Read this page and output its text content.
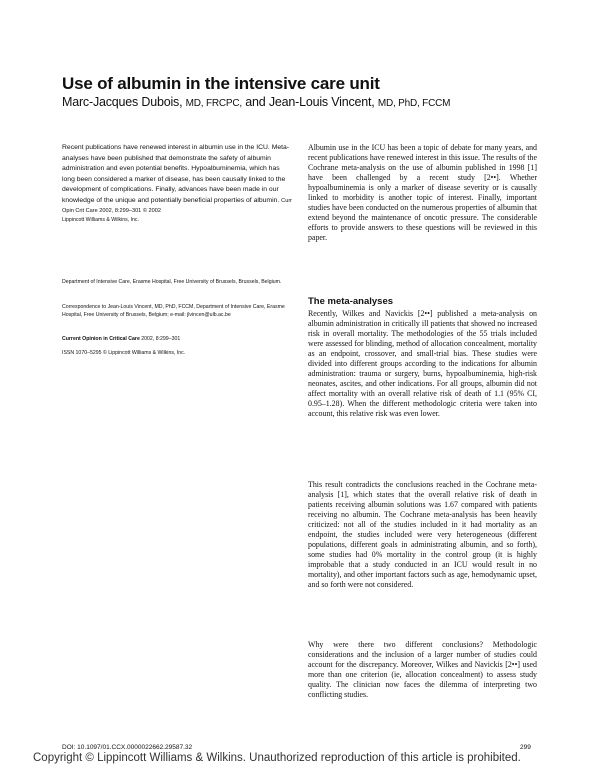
Use of albumin in the intensive care unit
Marc-Jacques Dubois, MD, FRCPC, and Jean-Louis Vincent, MD, PhD, FCCM
Recent publications have renewed interest in albumin use in the ICU. Meta-analyses have been published that demonstrate the safety of albumin administration and even potential benefits. Hypoalbuminemia, which has long been considered a marker of disease, has been causally linked to the development of complications. Finally, advances have been made in our knowledge of the unique and potentially beneficial properties of albumin. Curr Opin Crit Care 2002, 8:299–301 © 2002
Lippincott Williams & Wilkins, Inc.
Department of Intensive Care, Erasme Hospital, Free University of Brussels, Brussels, Belgium.
Correspondence to Jean-Louis Vincent, MD, PhD, FCCM, Department of Intensive Care, Erasme Hospital, Free University of Brussels, Belgium; e-mail: jlvincen@ulb.ac.be
Current Opinion in Critical Care 2002, 8:299–301
ISSN 1070–5295 © Lippincott Williams & Wilkins, Inc.

Albumin use in the ICU has been a topic of debate for many years, and recent publications have renewed interest in this issue. The results of the Cochrane meta-analysis on the use of albumin published in 1998 [1] have been challenged by a recent study [2••]. Whether hypoalbuminemia is only a marker of disease severity or is causally linked to morbidity is another topic of interest. Finally, important studies have been conducted on the numerous properties of albumin that extend beyond the maintenance of oncotic pressure. The considerable efforts to provide answers to these questions will be reviewed in this paper.

The meta-analyses

Recently, Wilkes and Navickis [2••] published a meta-analysis on albumin administration in critically ill patients that showed no increased risk in overall mortality. The methodologies of the 55 trials included were assessed for blinding, method of allocation concealment, mortality as an endpoint, crossover, and small-trial bias. These studies were divided into different groups according to the indications for albumin administration: trauma or surgery, burns, hypoalbuminemia, high-risk neonates, ascites, and other indications. For all groups, albumin did not affect mortality with an overall relative risk of death of 1.1 (95% CI, 0.95–1.28). When the different methodologic criteria were taken into account, this relative risk was even lower.

This result contradicts the conclusions reached in the Cochrane meta-analysis [1], which states that the overall relative risk of death in patients receiving albumin solutions was 1.67 compared with patients receiving no albumin. The Cochrane meta-analysis has been heavily criticized: not all of the studies included in it had mortality as an endpoint, the studies included were very heterogeneous (different populations, different goals in administrating albumin, and so forth), some studies had 0% mortality in the control group (it is highly improbable that a study conducted in an ICU would result in no mortality), and other important factors such as age, hemodynamic upset, and so forth were not considered.

Why were there two different conclusions? Methodologic considerations and the inclusion of a larger number of studies could account for the discrepancy. Moreover, Wilkes and Navickis [2••] used more than one criterion (ie, allocation concealment) to assess study quality. The clinician now faces the dilemma of interpreting two conflicting studies.

DOI: 10.1097/01.CCX.0000022662.29587.32	299
Copyright © Lippincott Williams & Wilkins. Unauthorized reproduction of this article is prohibited.
